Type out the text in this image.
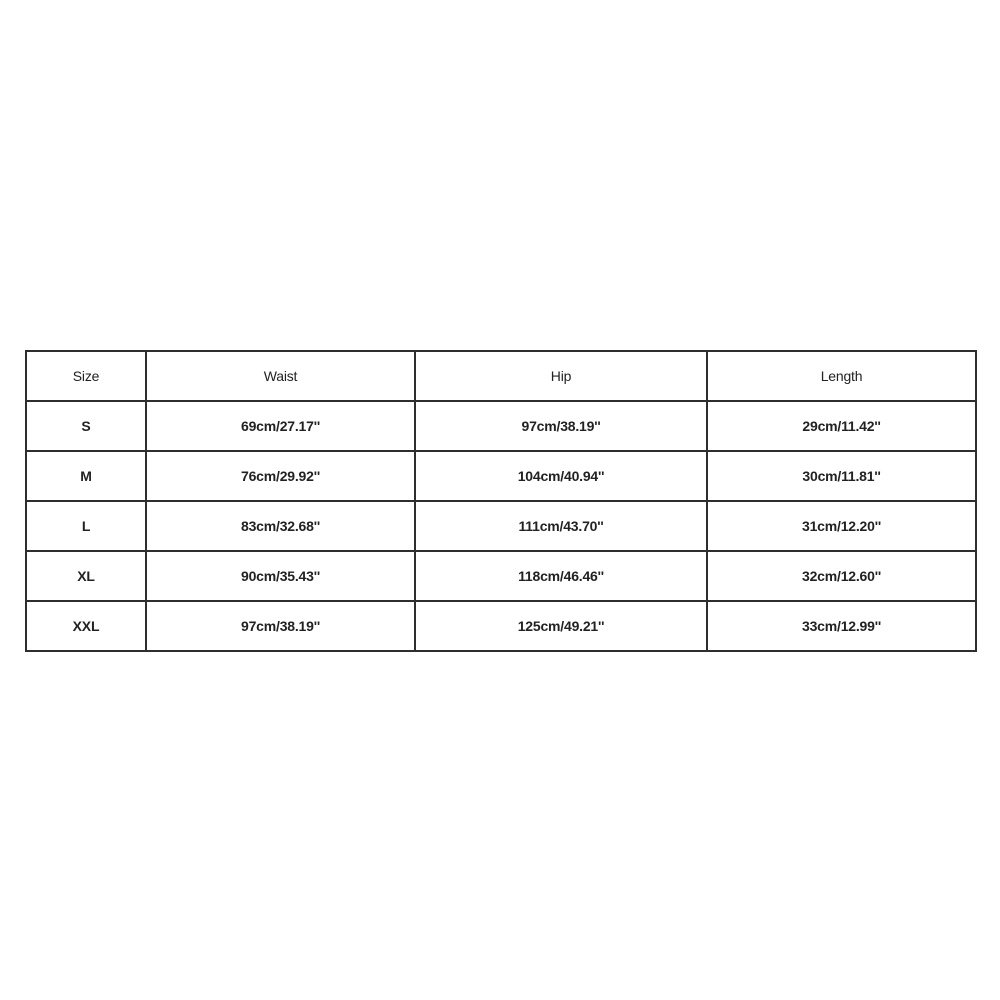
Size	Waist	Hip	Length
S	69cm/27.17''	97cm/38.19''	29cm/11.42''
M	76cm/29.92''	104cm/40.94''	30cm/11.81''
L	83cm/32.68''	111cm/43.70''	31cm/12.20''
XL	90cm/35.43''	118cm/46.46''	32cm/12.60''
XXL	97cm/38.19''	125cm/49.21''	33cm/12.99''
